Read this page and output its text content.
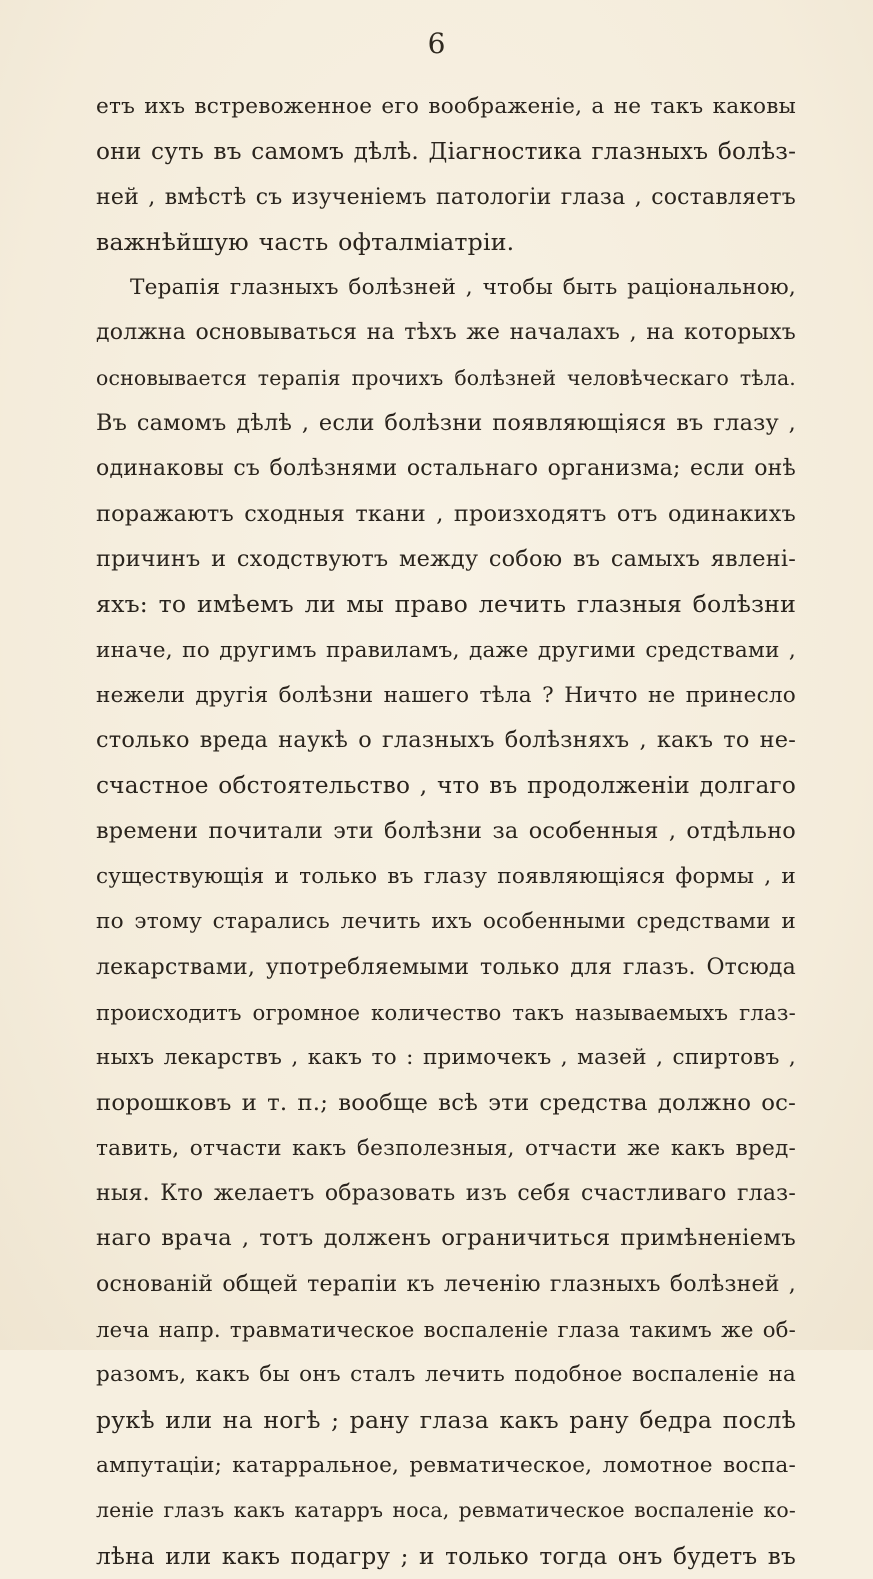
6
етъ ихъ встревоженное его воображеніе, а не такъ каковы
они суть въ самомъ дѣлѣ. Діагностика глазныхъ болѣз-
ней , вмѣстѣ съ изученіемъ патологіи глаза , составляетъ
важнѣйшую часть офталміатріи.
Терапія глазныхъ болѣзней , чтобы быть раціональною,
должна основываться на тѣхъ же началахъ , на которыхъ
основывается терапія прочихъ болѣзней человѣческаго тѣла.
Въ самомъ дѣлѣ , если болѣзни появляющіяся въ глазу ,
одинаковы съ болѣзнями остальнаго организма; если онѣ
поражаютъ сходныя ткани , произходятъ отъ одинакихъ
причинъ и сходствуютъ между собою въ самыхъ явленi-
яхъ: то имѣемъ ли мы право лечить глазныя болѣзни
иначе, по другимъ правиламъ, даже другими средствами ,
нежели другія болѣзни нашего тѣла ? Ничто не принесло
столько вреда наукѣ о глазныхъ болѣзняхъ , какъ то не-
счастное обстоятельство , что въ продолженіи долгаго
времени почитали эти болѣзни за особенныя , отдѣльно
существующія и только въ глазу появляющіяся формы , и
по этому старались лечить ихъ особенными средствами и
лекарствами, употребляемыми только для глазъ. Отсюда
происходитъ огромное количество такъ называемыхъ глаз-
ныхъ лекарствъ , какъ то : примочекъ , мазей , спиртовъ ,
порошковъ и т. п.; вообще всѣ эти средства должно ос-
тавить, отчасти какъ безполезныя, отчасти же какъ вред-
ныя. Кто желаетъ образовать изъ себя счастливаго глаз-
наго врача , тотъ долженъ ограничиться примѣненіемъ
основаній общей терапіи къ леченію глазныхъ болѣзней ,
леча напр. травматическое воспаленіе глаза такимъ же об-
разомъ, какъ бы онъ сталъ лечить подобное воспаленіе на
рукѣ или на ногѣ ; рану глаза какъ рану бедра послѣ
ампутаціи; катарральное, ревматическое, ломотное воспа-
ленiе глазъ какъ катарръ носа, ревматическое воспаленіе ко-
лѣна или какъ подагру ; и только тогда онъ будетъ въ
